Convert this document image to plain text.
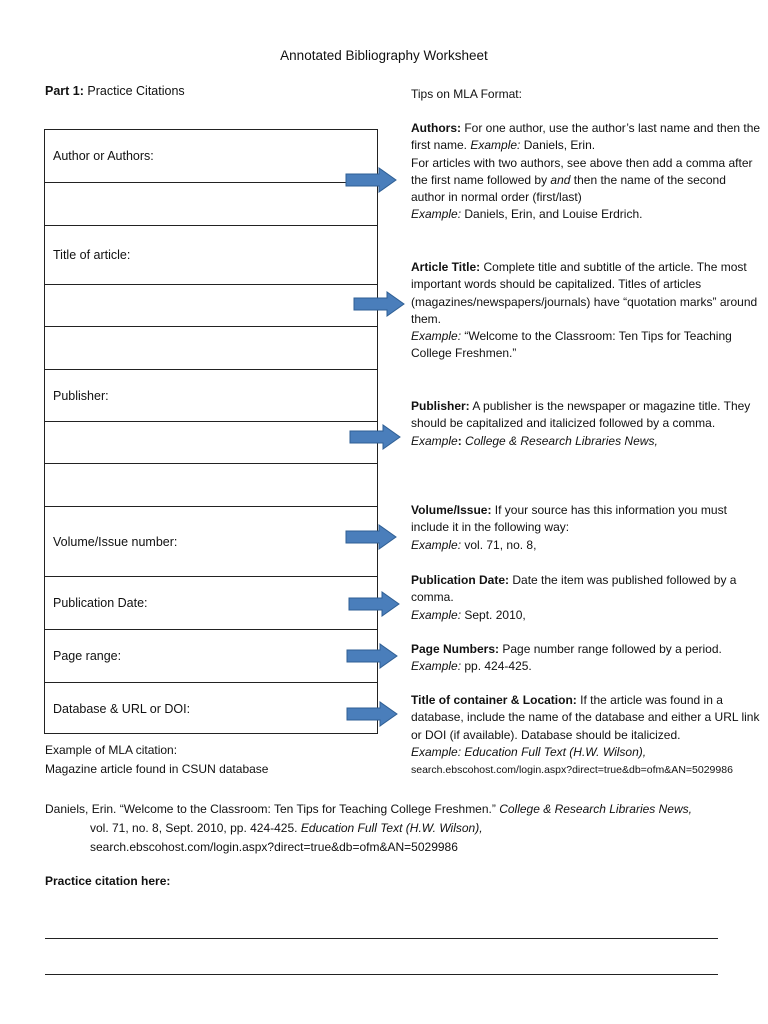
Annotated Bibliography Worksheet
Part 1: Practice Citations
Author or Authors:
Title of article:
Publisher:
Volume/Issue number:
Publication Date:
Page range:
Database & URL or DOI:
Tips on MLA Format:
Authors: For one author, use the author’s last name and then the first name. Example: Daniels, Erin.
For articles with two authors, see above then add a comma after the first name followed by and then the name of the second author in normal order (first/last)
Example: Daniels, Erin, and Louise Erdrich.
Article Title: Complete title and subtitle of the article. The most important words should be capitalized. Titles of articles (magazines/newspapers/journals) have “quotation marks” around them.
Example: “Welcome to the Classroom: Ten Tips for Teaching College Freshmen.”
Publisher: A publisher is the newspaper or magazine title. They should be capitalized and italicized followed by a comma.
Example: College & Research Libraries News,
Volume/Issue: If your source has this information you must include it in the following way:
Example: vol. 71, no. 8,
Publication Date: Date the item was published followed by a comma.
Example: Sept. 2010,
Page Numbers: Page number range followed by a period.
Example: pp. 424-425.
Title of container & Location: If the article was found in a database, include the name of the database and either a URL link or DOI (if available). Database should be italicized.
Example: Education Full Text (H.W. Wilson),
search.ebscohost.com/login.aspx?direct=true&db=ofm&AN=5029986
Example of MLA citation:
Magazine article found in CSUN database
Daniels, Erin. “Welcome to the Classroom: Ten Tips for Teaching College Freshmen.” College & Research Libraries News,
vol. 71, no. 8, Sept. 2010, pp. 424-425. Education Full Text (H.W. Wilson),
search.ebscohost.com/login.aspx?direct=true&db=ofm&AN=5029986
Practice citation here:
